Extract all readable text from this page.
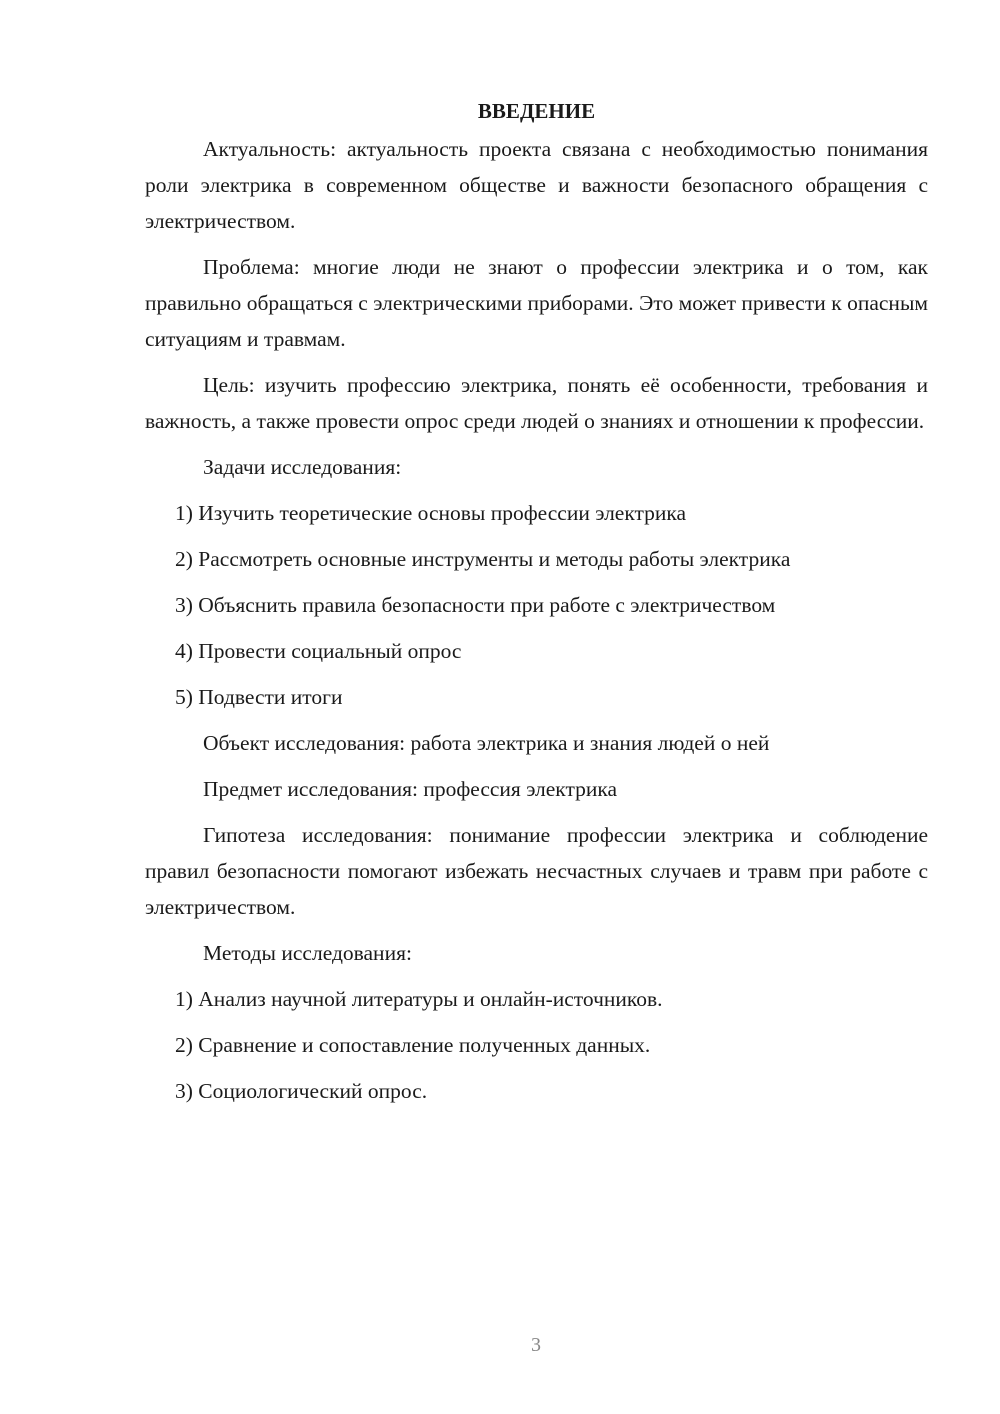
ВВЕДЕНИЕ

Актуальность: актуальность проекта связана с необходимостью понимания роли электрика в современном обществе и важности безопасного обращения с электричеством.

Проблема: многие люди не знают о профессии электрика и о том, как правильно обращаться с электрическими приборами. Это может привести к опасным ситуациям и травмам.

Цель: изучить профессию электрика, понять её особенности, требования и важность, а также провести опрос среди людей о знаниях и отношении к профессии.

Задачи исследования:
1) Изучить теоретические основы профессии электрика
2) Рассмотреть основные инструменты и методы работы электрика
3) Объяснить правила безопасности при работе с электричеством
4) Провести социальный опрос
5) Подвести итоги
Объект исследования: работа электрика и знания людей о ней
Предмет исследования: профессия электрика

Гипотеза исследования: понимание профессии электрика и соблюдение правил безопасности помогают избежать несчастных случаев и травм при работе с электричеством.

Методы исследования:
1) Анализ научной литературы и онлайн-источников.
2) Сравнение и сопоставление полученных данных.
3) Социологический опрос.
3
